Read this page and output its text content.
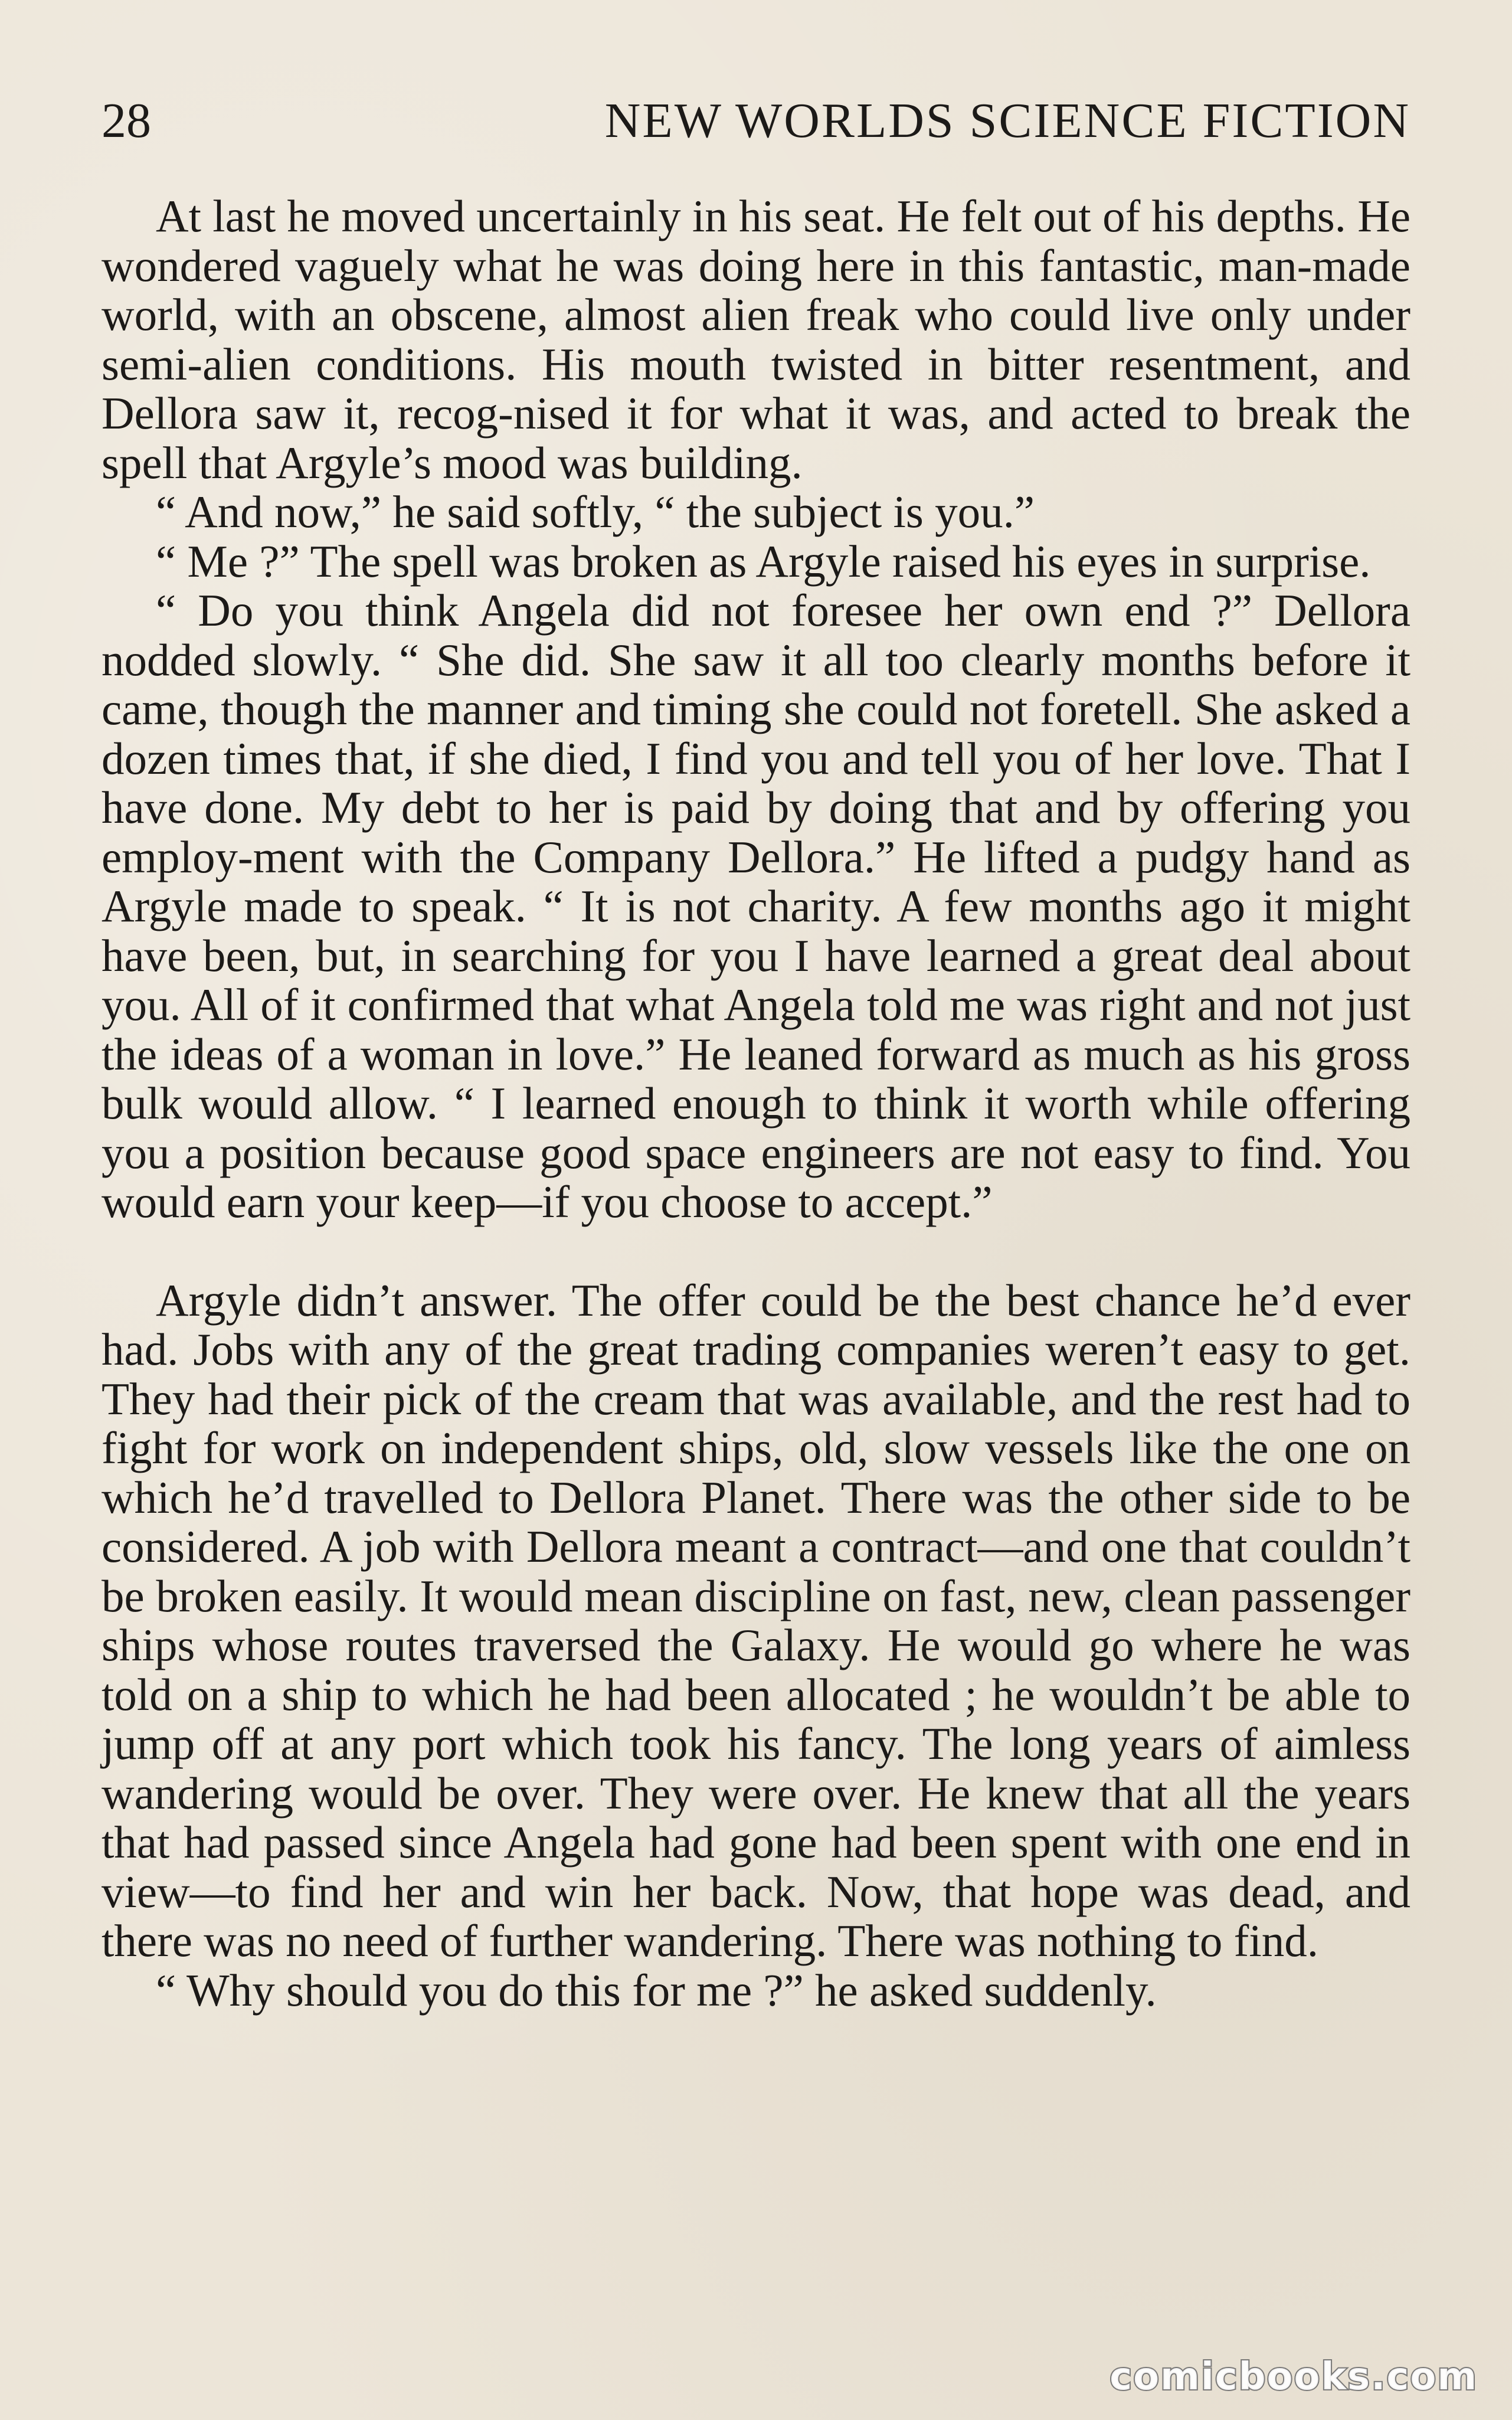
28	NEW WORLDS SCIENCE FICTION

At last he moved uncertainly in his seat. He felt out of his depths. He wondered vaguely what he was doing here in this fantastic, man-made world, with an obscene, almost alien freak who could live only under semi-alien conditions. His mouth twisted in bitter resentment, and Dellora saw it, recog-nised it for what it was, and acted to break the spell that Argyle’s mood was building.

“ And now,” he said softly, “ the subject is you.”

“ Me ?” The spell was broken as Argyle raised his eyes in surprise.

“ Do you think Angela did not foresee her own end ?” Dellora nodded slowly. “ She did. She saw it all too clearly months before it came, though the manner and timing she could not foretell. She asked a dozen times that, if she died, I find you and tell you of her love. That I have done. My debt to her is paid by doing that and by offering you employ-ment with the Company Dellora.” He lifted a pudgy hand as Argyle made to speak. “ It is not charity. A few months ago it might have been, but, in searching for you I have learned a great deal about you. All of it confirmed that what Angela told me was right and not just the ideas of a woman in love.” He leaned forward as much as his gross bulk would allow. “ I learned enough to think it worth while offering you a position because good space engineers are not easy to find. You would earn your keep—if you choose to accept.”

Argyle didn’t answer. The offer could be the best chance he’d ever had. Jobs with any of the great trading companies weren’t easy to get. They had their pick of the cream that was available, and the rest had to fight for work on independent ships, old, slow vessels like the one on which he’d travelled to Dellora Planet. There was the other side to be considered. A job with Dellora meant a contract—and one that couldn’t be broken easily. It would mean discipline on fast, new, clean passenger ships whose routes traversed the Galaxy. He would go where he was told on a ship to which he had been allocated ; he wouldn’t be able to jump off at any port which took his fancy. The long years of aimless wandering would be over. They were over. He knew that all the years that had passed since Angela had gone had been spent with one end in view—to find her and win her back. Now, that hope was dead, and there was no need of further wandering. There was nothing to find.

“ Why should you do this for me ?” he asked suddenly.

comicbooks.com
